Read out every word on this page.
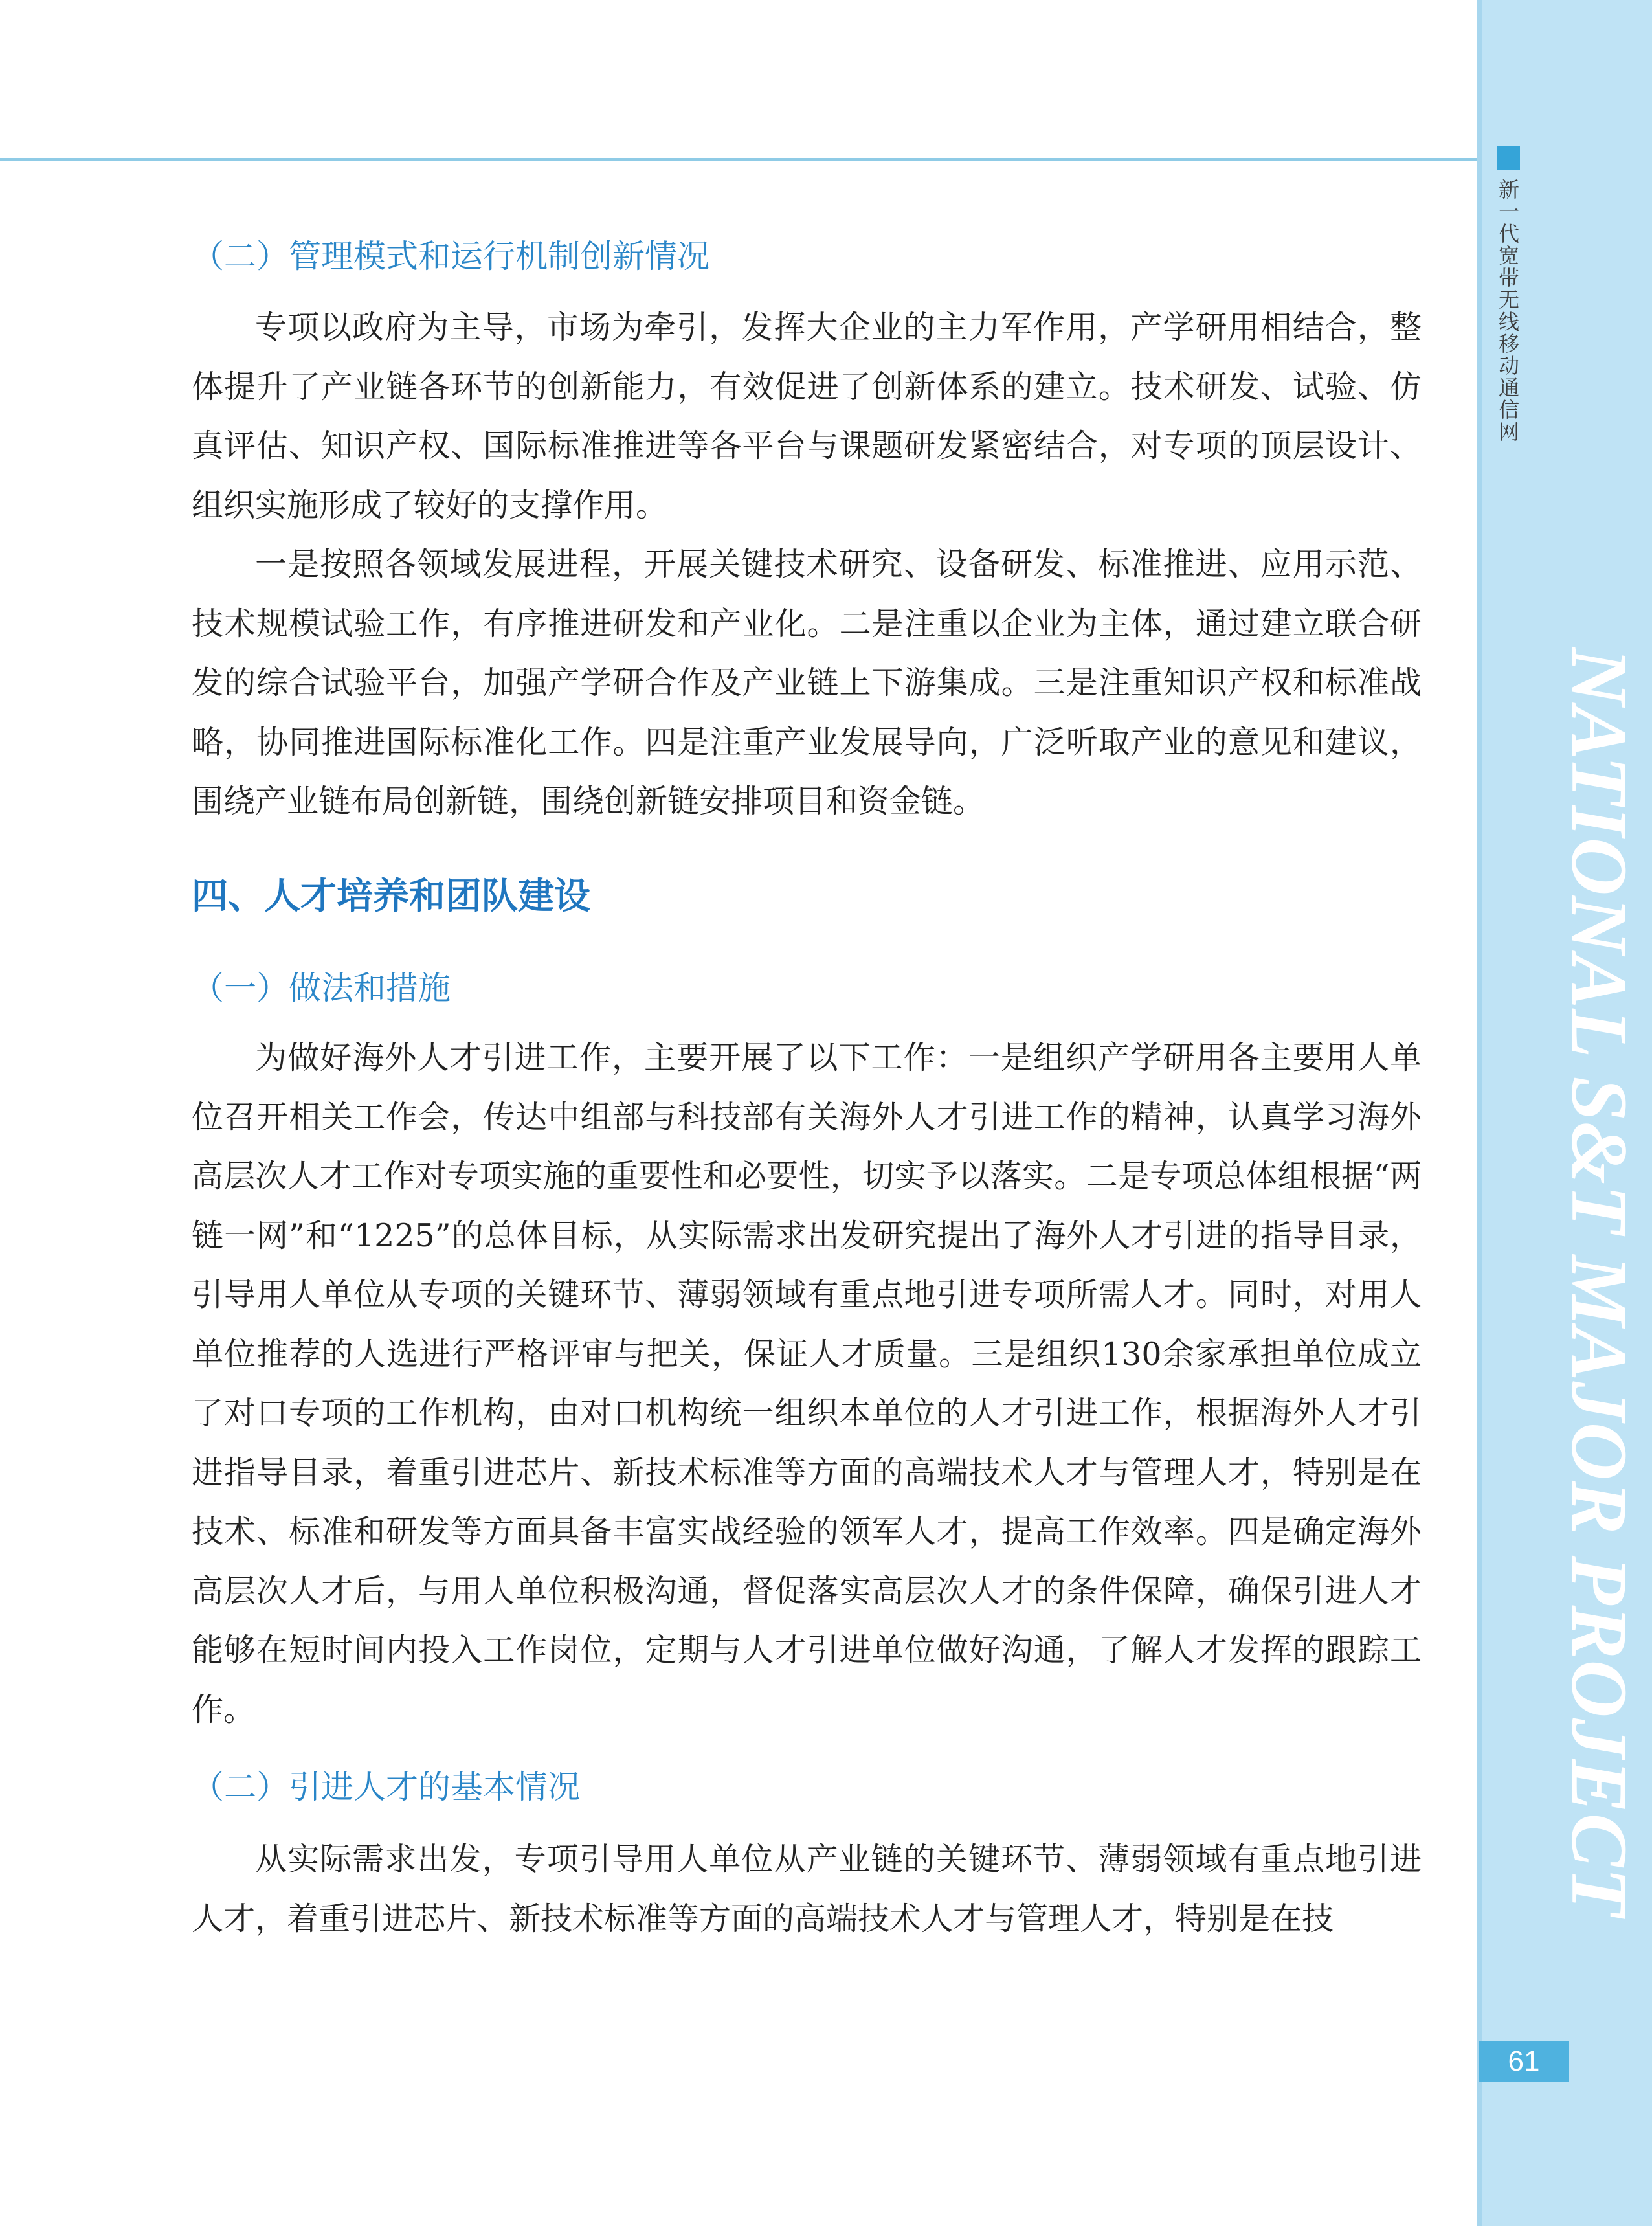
新一代宽带无线移动通信网
NATIONAL S&T MAJOR PROJECT
61
（二）管理模式和运行机制创新情况

专项以政府为主导，市场为牵引，发挥大企业的主力军作用，产学研用相结合，整体提升了产业链各环节的创新能力，有效促进了创新体系的建立。技术研发、试验、仿真评估、知识产权、国际标准推进等各平台与课题研发紧密结合，对专项的顶层设计、组织实施形成了较好的支撑作用。

一是按照各领域发展进程，开展关键技术研究、设备研发、标准推进、应用示范、技术规模试验工作，有序推进研发和产业化。二是注重以企业为主体，通过建立联合研发的综合试验平台，加强产学研合作及产业链上下游集成。三是注重知识产权和标准战略，协同推进国际标准化工作。四是注重产业发展导向，广泛听取产业的意见和建议，围绕产业链布局创新链，围绕创新链安排项目和资金链。

四、人才培养和团队建设
（一）做法和措施

为做好海外人才引进工作，主要开展了以下工作：一是组织产学研用各主要用人单位召开相关工作会，传达中组部与科技部有关海外人才引进工作的精神，认真学习海外高层次人才工作对专项实施的重要性和必要性，切实予以落实。二是专项总体组根据“两链一网”和“1225”的总体目标，从实际需求出发研究提出了海外人才引进的指导目录，引导用人单位从专项的关键环节、薄弱领域有重点地引进专项所需人才。同时，对用人单位推荐的人选进行严格评审与把关，保证人才质量。三是组织130余家承担单位成立了对口专项的工作机构，由对口机构统一组织本单位的人才引进工作，根据海外人才引进指导目录，着重引进芯片、新技术标准等方面的高端技术人才与管理人才，特别是在技术、标准和研发等方面具备丰富实战经验的领军人才，提高工作效率。四是确定海外高层次人才后，与用人单位积极沟通，督促落实高层次人才的条件保障，确保引进人才能够在短时间内投入工作岗位，定期与人才引进单位做好沟通，了解人才发挥的跟踪工作。

（二）引进人才的基本情况

从实际需求出发，专项引导用人单位从产业链的关键环节、薄弱领域有重点地引进人才，着重引进芯片、新技术标准等方面的高端技术人才与管理人才，特别是在技
